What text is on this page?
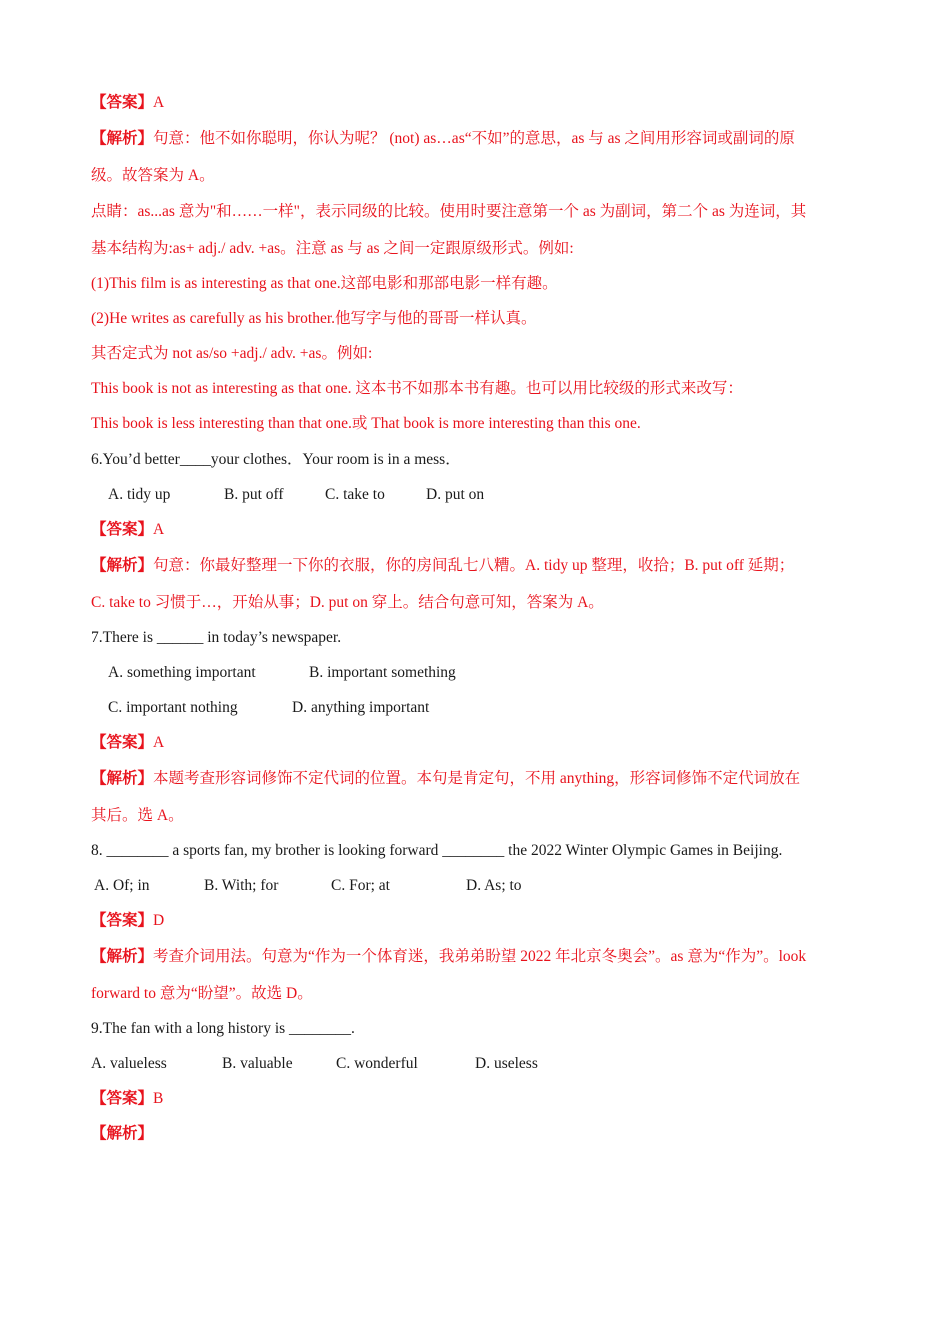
【答案】A
【解析】句意：他不如你聪明，你认为呢？ (not) as…as“不如”的意思，as 与 as 之间用形容词或副词的原
级。故答案为 A。
点睛：as...as 意为"和……一样"，表示同级的比较。使用时要注意第一个 as 为副词，第二个 as 为连词，其
基本结构为:as+ adj./ adv. +as。注意 as 与 as 之间一定跟原级形式。例如:
(1)This film is as interesting as that one.这部电影和那部电影一样有趣。
(2)He writes as carefully as his brother.他写字与他的哥哥一样认真。
其否定式为 not as/so +adj./ adv. +as。例如:
This book is not as interesting as that one. 这本书不如那本书有趣。也可以用比较级的形式来改写：
This book is less interesting than that one.或 That book is more interesting than this one.
6.You’d better____your clothes．Your room is in a mess．
A. tidy up	B. put off	C. take to	D. put on
【答案】A
【解析】句意：你最好整理一下你的衣服，你的房间乱七八糟。A. tidy up 整理，收拾；B. put off 延期；
C. take to 习惯于…，开始从事；D. put on 穿上。结合句意可知，答案为 A。
7.There is ______ in today’s newspaper.
A. something important	B. important something
C. important nothing	D. anything important
【答案】A
【解析】本题考查形容词修饰不定代词的位置。本句是肯定句，不用 anything，形容词修饰不定代词放在
其后。选 A。
8. ________ a sports fan, my brother is looking forward ________ the 2022 Winter Olympic Games in Beijing.
A. Of; in	B. With; for	C. For; at	D. As; to
【答案】D
【解析】考查介词用法。句意为“作为一个体育迷，我弟弟盼望 2022 年北京冬奥会”。as 意为“作为”。look
forward to 意为“盼望”。故选 D。
9.The fan with a long history is ________.
A. valueless	B. valuable	C. wonderful	D. useless
【答案】B
【解析】
